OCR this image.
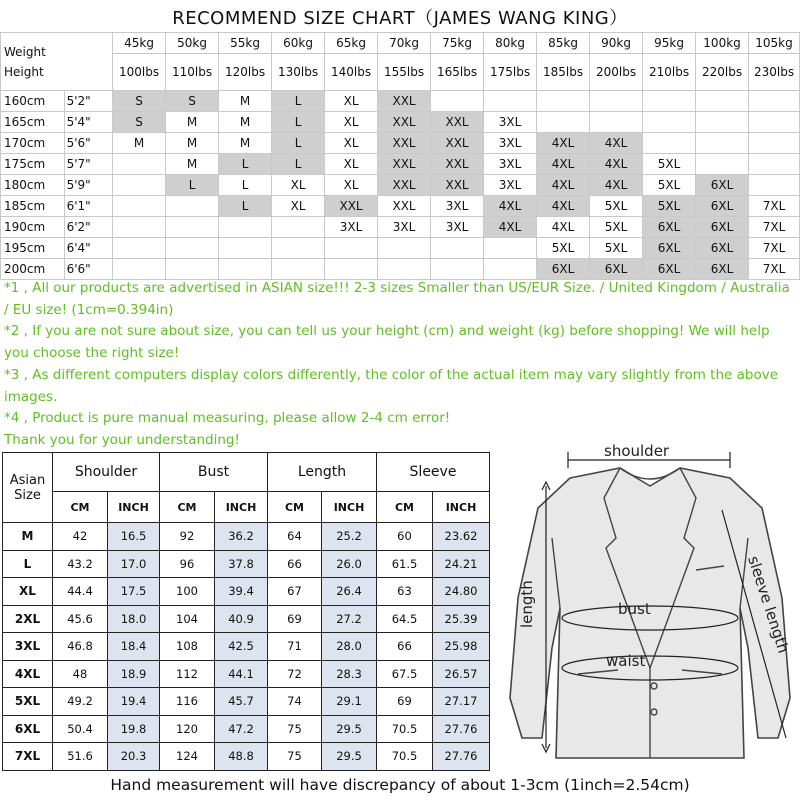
RECOMMEND SIZE CHART（JAMES WANG KING）
Weight
Height		45kg	50kg	55kg	60kg	65kg	70kg	75kg	80kg	85kg	90kg	95kg	100kg	105kg
		100lbs	110lbs	120lbs	130lbs	140lbs	155lbs	165lbs	175lbs	185lbs	200lbs	210lbs	220lbs	230lbs
160cm	5'2"	S	S	M	L	XL	XXL							
165cm	5'4"	S	M	M	L	XL	XXL	XXL	3XL					
170cm	5'6"	M	M	M	L	XL	XXL	XXL	3XL	4XL	4XL			
175cm	5'7"		M	L	L	XL	XXL	XXL	3XL	4XL	4XL	5XL		
180cm	5'9"		L	L	XL	XL	XXL	XXL	3XL	4XL	4XL	5XL	6XL	
185cm	6'1"			L	XL	XXL	XXL	3XL	4XL	4XL	5XL	5XL	6XL	7XL
190cm	6'2"					3XL	3XL	3XL	4XL	4XL	5XL	6XL	6XL	7XL
195cm	6'4"									5XL	5XL	6XL	6XL	7XL
200cm	6'6"									6XL	6XL	6XL	6XL	7XL

*1 , All our products are advertised in ASIAN size!!! 2-3 sizes Smaller than US/EUR Size. / United Kingdom / Australia / EU size! (1cm=0.394in)

*2 , If you are not sure about size, you can tell us your height (cm) and weight (kg) before shopping! We will help you choose the right size!

*3 , As different computers display colors differently, the color of the actual item may vary slightly from the above images.

*4 , Product is pure manual measuring, please allow 2-4 cm error!

Thank you for your understanding!

Asian Size	Shoulder		Bust		Length		Sleeve	
	CM	INCH	CM	INCH	CM	INCH	CM	INCH
M	42	16.5	92	36.2	64	25.2	60	23.62
L	43.2	17.0	96	37.8	66	26.0	61.5	24.21
XL	44.4	17.5	100	39.4	67	26.4	63	24.80
2XL	45.6	18.0	104	40.9	69	27.2	64.5	25.39
3XL	46.8	18.4	108	42.5	71	28.0	66	25.98
4XL	48	18.9	112	44.1	72	28.3	67.5	26.57
5XL	49.2	19.4	116	45.7	74	29.1	69	27.17
6XL	50.4	19.8	120	47.2	75	29.5	70.5	27.76
7XL	51.6	20.3	124	48.8	75	29.5	70.5	27.76
shoulder
length	bust
waist
sleeve length
Hand measurement will have discrepancy of about 1-3cm (1inch=2.54cm)
